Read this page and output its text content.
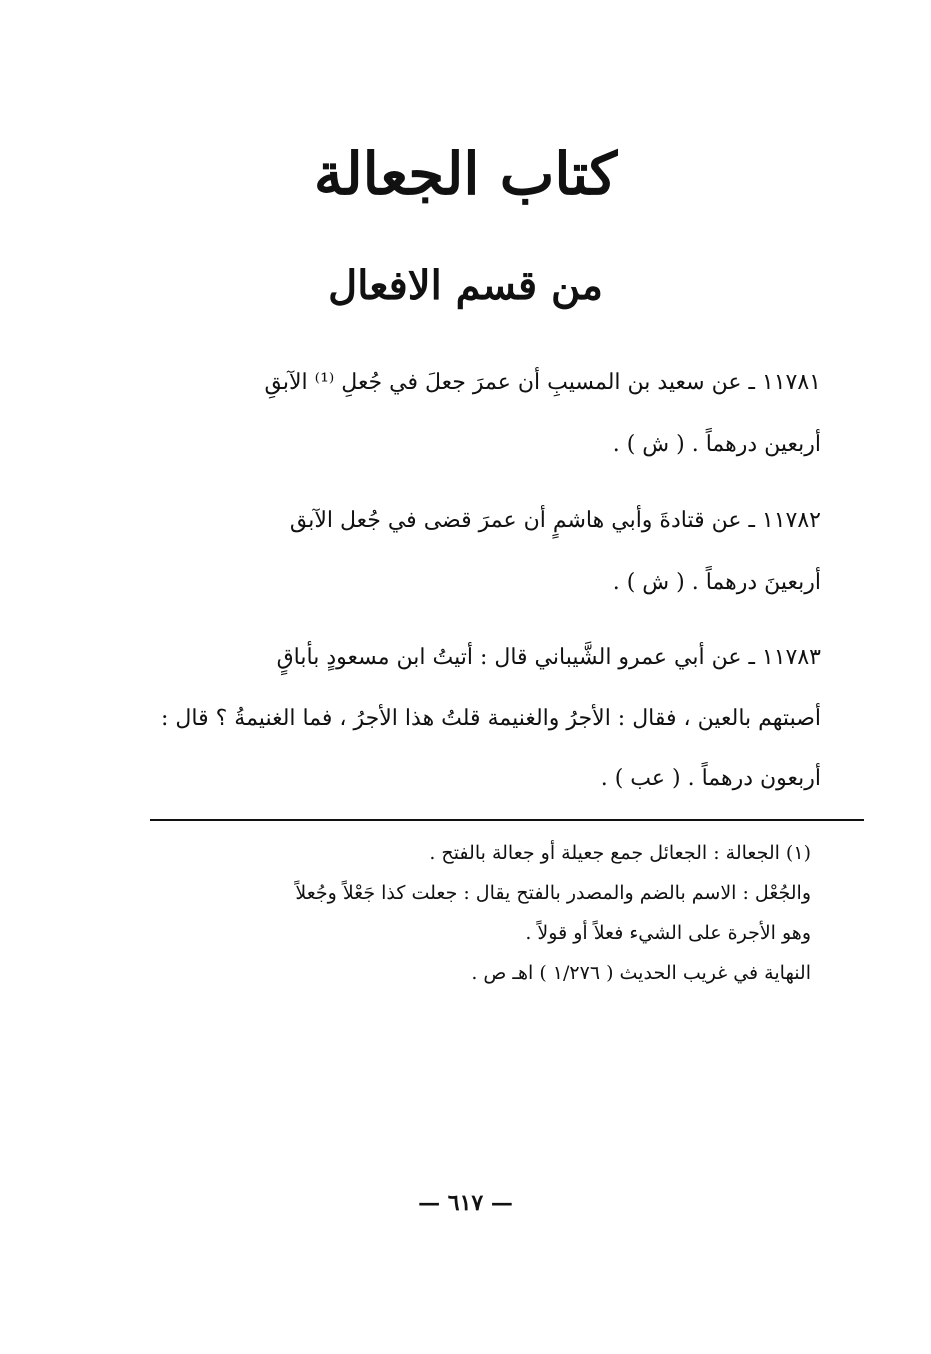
كتاب الجعالة
من قسم الافعال
١١٧٨١ ـ عن سعيد بن المسيبِ أن عمرَ جعلَ في جُعلِ ⁽¹⁾ الآبقِ
أربعين درهماً . ( ش ) .
١١٧٨٢ ـ عن قتادةَ وأبي هاشمٍ أن عمرَ قضى في جُعل الآبق
أربعينَ درهماً . ( ش ) .
١١٧٨٣ ـ عن أبي عمرو الشَّيباني قال : أتيتُ ابن مسعودٍ بأباقٍ
أصبتهم بالعين ، فقال : الأجرُ والغنيمة قلتُ هذا الأجرُ ، فما الغنيمةُ ؟ قال :
أربعون درهماً . ( عب ) .
(١) الجعالة : الجعائل جمع جعيلة أو جعالة بالفتح .
والجُعْل : الاسم بالضم والمصدر بالفتح يقال : جعلت كذا جَعْلاً وجُعلاً
وهو الأجرة على الشيء فعلاً أو قولاً .
النهاية في غريب الحديث ( ١/٢٧٦ ) اهـ ص .
— ٦١٧ —
